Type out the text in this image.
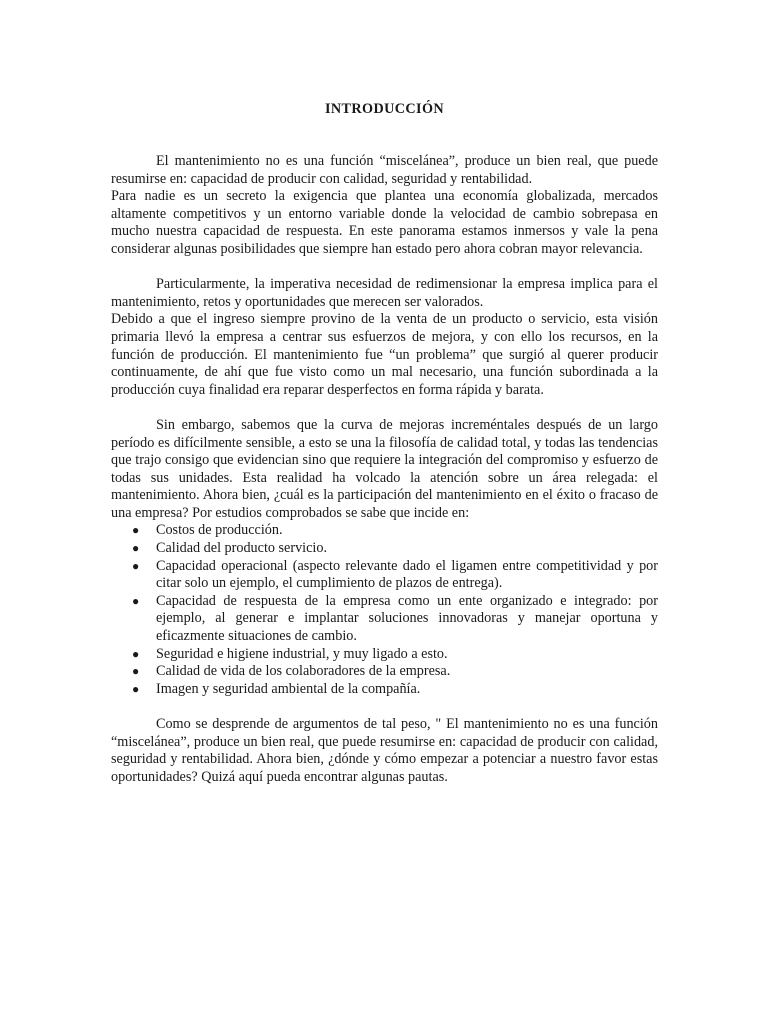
INTRODUCCIÓN

El mantenimiento no es una función “miscelánea”, produce un bien real, que puede resumirse en: capacidad de producir con calidad, seguridad y rentabilidad.

Para nadie es un secreto la exigencia que plantea una economía globalizada, mercados altamente competitivos y un entorno variable donde la velocidad de cambio sobrepasa en mucho nuestra capacidad de respuesta. En este panorama estamos inmersos y vale la pena considerar algunas posibilidades que siempre han estado pero ahora cobran mayor relevancia.

Particularmente, la imperativa necesidad de redimensionar la empresa implica para el mantenimiento, retos y oportunidades que merecen ser valorados.

Debido a que el ingreso siempre provino de la venta de un producto o servicio, esta visión primaria llevó la empresa a centrar sus esfuerzos de mejora, y con ello los recursos, en la función de producción. El mantenimiento fue “un problema” que surgió al querer producir continuamente, de ahí que fue visto como un mal necesario, una función subordinada a la producción cuya finalidad era reparar desperfectos en forma rápida y barata.

Sin embargo, sabemos que la curva de mejoras increméntales después de un largo período es difícilmente sensible, a esto se una la filosofía de calidad total, y todas las tendencias que trajo consigo que evidencian sino que requiere la integración del compromiso y esfuerzo de todas sus unidades. Esta realidad ha volcado la atención sobre un área relegada: el mantenimiento. Ahora bien, ¿cuál es la participación del mantenimiento en el éxito o fracaso de una empresa? Por estudios comprobados se sabe que incide en:

● Costos de producción.
● Calidad del producto servicio.
● Capacidad operacional (aspecto relevante dado el ligamen entre competitividad y por citar solo un ejemplo, el cumplimiento de plazos de entrega).
● Capacidad de respuesta de la empresa como un ente organizado e integrado: por ejemplo, al generar e implantar soluciones innovadoras y manejar oportuna y eficazmente situaciones de cambio.
● Seguridad e higiene industrial, y muy ligado a esto.
● Calidad de vida de los colaboradores de la empresa.
● Imagen y seguridad ambiental de la compañía.

Como se desprende de argumentos de tal peso, " El mantenimiento no es una función “miscelánea”, produce un bien real, que puede resumirse en: capacidad de producir con calidad, seguridad y rentabilidad. Ahora bien, ¿dónde y cómo empezar a potenciar a nuestro favor estas oportunidades? Quizá aquí pueda encontrar algunas pautas.
